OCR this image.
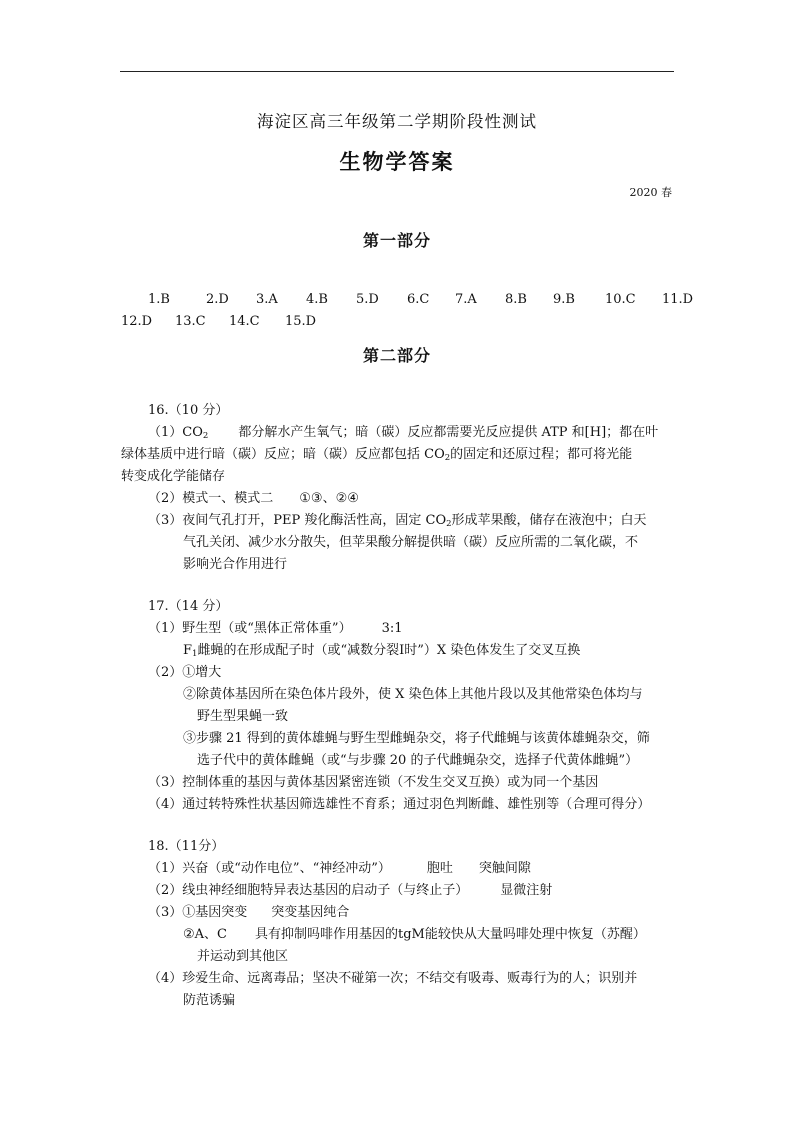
海淀区高三年级第二学期阶段性测试
生物学答案
2020 春
第一部分
1.B	2.D 3.A 4.B 5.D 6.C 7.A 8.B 9.B 10.C 11.D
12.D 13.C 14.C 15.D
第二部分
16.（10 分）
$(1)CO_2$ 都分解水产生氧气；暗（碳）反应都需要光反应提供 ATP 和[H]；都在叶
绿体基质中进行暗（碳）反应；暗（碳）反应都包括 $CO_2$的固定和还原过程；都可将光能
转变成化学能储存
（2）模式一、模式二 ①③、②④
（3）夜间气孔打开，PEP 羧化酶活性高，固定 $CO_2$形成苹果酸，储存在液泡中；白天
气孔关闭、减少水分散失，但苹果酸分解提供暗（碳）反应所需的二氧化碳，不
影响光合作用进行
17.（14 分）
（1）野生型（或“黑体正常体重”） 3:1
$F_1$雌蝇的在形成配子时（或“减数分裂Ⅰ时”）X 染色体发生了交叉互换
（2）①增大
②除黄体基因所在染色体片段外，使 X 染色体上其他片段以及其他常染色体均与
野生型果蝇一致
③步骤 21 得到的黄体雄蝇与野生型雌蝇杂交，将子代雌蝇与该黄体雄蝇杂交，筛
选子代中的黄体雌蝇（或“与步骤 20 的子代雌蝇杂交，选择子代黄体雌蝇”）
（3）控制体重的基因与黄体基因紧密连锁（不发生交叉互换）或为同一个基因
（4）通过转特殊性状基因筛选雄性不育系；通过羽色判断雌、雄性别等（合理可得分）
18.（11分）
（1）兴奋（或“动作电位”、“神经冲动”）	胞吐 突触间隙
（2）线虫神经细胞特异表达基因的启动子（与终止子） 显微注射
（3）①基因突变 突变基因纯合
②A、C 具有抑制吗啡作用基因的tgM能较快从大量吗啡处理中恢复（苏醒）
并运动到其他区
（4）珍爱生命、远离毒品；坚决不碰第一次；不结交有吸毒、贩毒行为的人；识别并
防范诱骗
